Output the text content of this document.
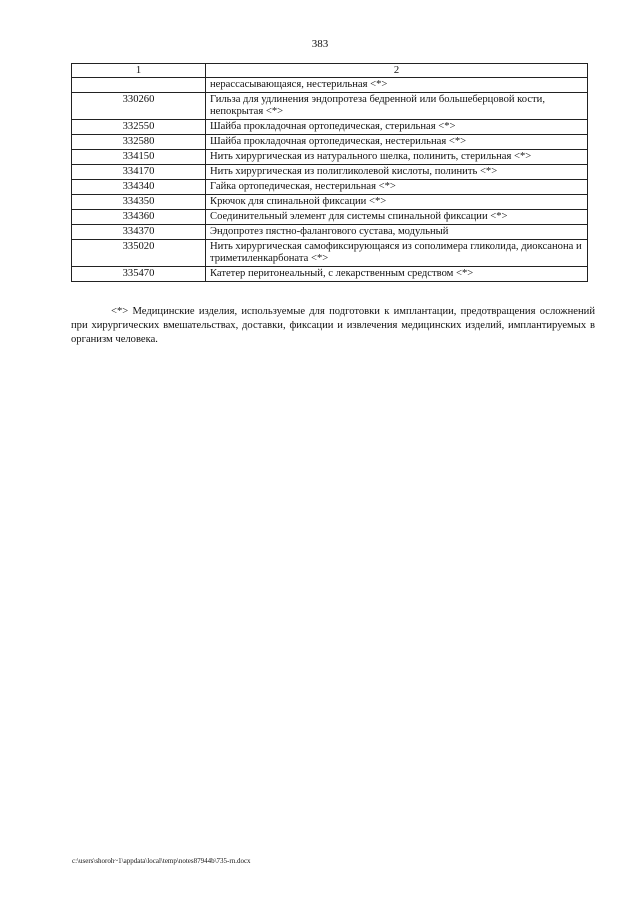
383
1	2
	нерассасывающаяся, нестерильная <*>
330260	Гильза для удлинения эндопротеза бедренной или большеберцовой кости, непокрытая <*>
332550	Шайба прокладочная ортопедическая, стерильная <*>
332580	Шайба прокладочная ортопедическая, нестерильная <*>
334150	Нить хирургическая из натурального шелка, полинить, стерильная <*>
334170	Нить хирургическая из полигликолевой кислоты, полинить <*>
334340	Гайка ортопедическая, нестерильная <*>
334350	Крючок для спинальной фиксации <*>
334360	Соединительный элемент для системы спинальной фиксации <*>
334370	Эндопротез пястно-фалангового сустава, модульный
335020	Нить хирургическая самофиксирующаяся из сополимера гликолида, диоксанона и триметиленкарбоната <*>
335470	Катетер перитонеальный, с лекарственным средством <*>

<*> Медицинские изделия, используемые для подготовки к имплантации, предотвращения осложнений при хирургических вмешательствах, доставки, фиксации и извлечения медицинских изделий, имплантируемых в организм человека.

c:\users\shoroh~1\appdata\local\temp\notes87944b\735-rn.docx
